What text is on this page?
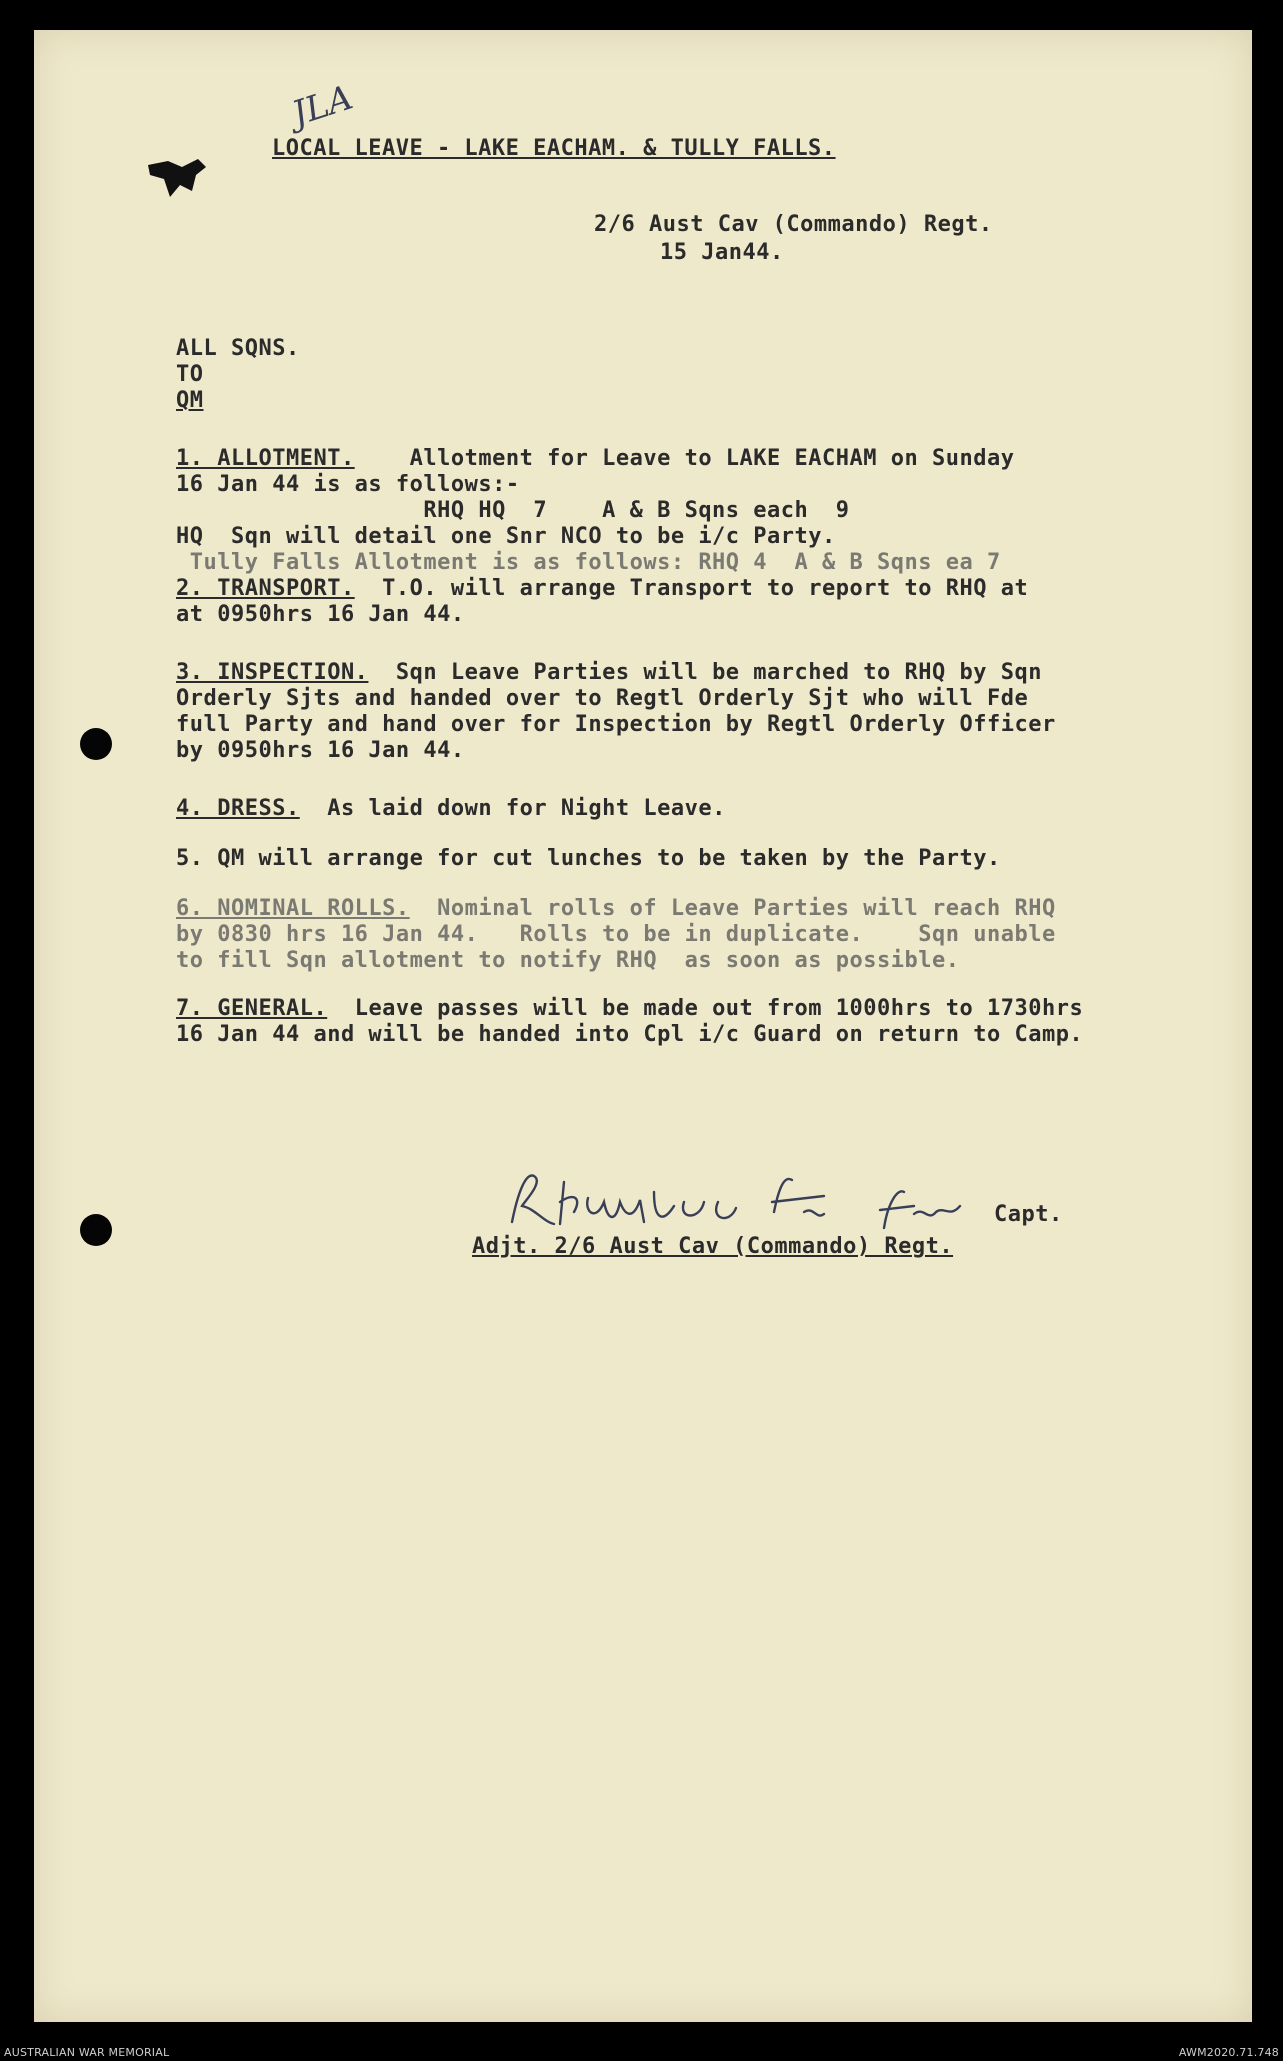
JLA
LOCAL LEAVE - LAKE EACHAM. & TULLY FALLS.
2/6 Aust Cav (Commando) Regt.
15 Jan44.
ALL SQNS.
TO
QM
1. ALLOTMENT.    Allotment for Leave to LAKE EACHAM on Sunday
16 Jan 44 is as follows:-
RHQ HQ  7    A & B Sqns each  9
HQ  Sqn will detail one Snr NCO to be i/c Party.
Tully Falls Allotment is as follows: RHQ 4  A & B Sqns ea 7
2. TRANSPORT.  T.O. will arrange Transport to report to RHQ at
at 0950hrs 16 Jan 44.
3. INSPECTION.  Sqn Leave Parties will be marched to RHQ by Sqn
Orderly Sjts and handed over to Regtl Orderly Sjt who will Fde
full Party and hand over for Inspection by Regtl Orderly Officer
by 0950hrs 16 Jan 44.
4. DRESS.  As laid down for Night Leave.
5. QM will arrange for cut lunches to be taken by the Party.
6. NOMINAL ROLLS.  Nominal rolls of Leave Parties will reach RHQ
by 0830 hrs 16 Jan 44.   Rolls to be in duplicate.    Sqn unable
to fill Sqn allotment to notify RHQ  as soon as possible.
7. GENERAL.  Leave passes will be made out from 1000hrs to 1730hrs
16 Jan 44 and will be handed into Cpl i/c Guard on return to Camp.
Capt.
Adjt. 2/6 Aust Cav (Commando) Regt.
AUSTRALIAN WAR MEMORIAL	AWM2020.71.748
